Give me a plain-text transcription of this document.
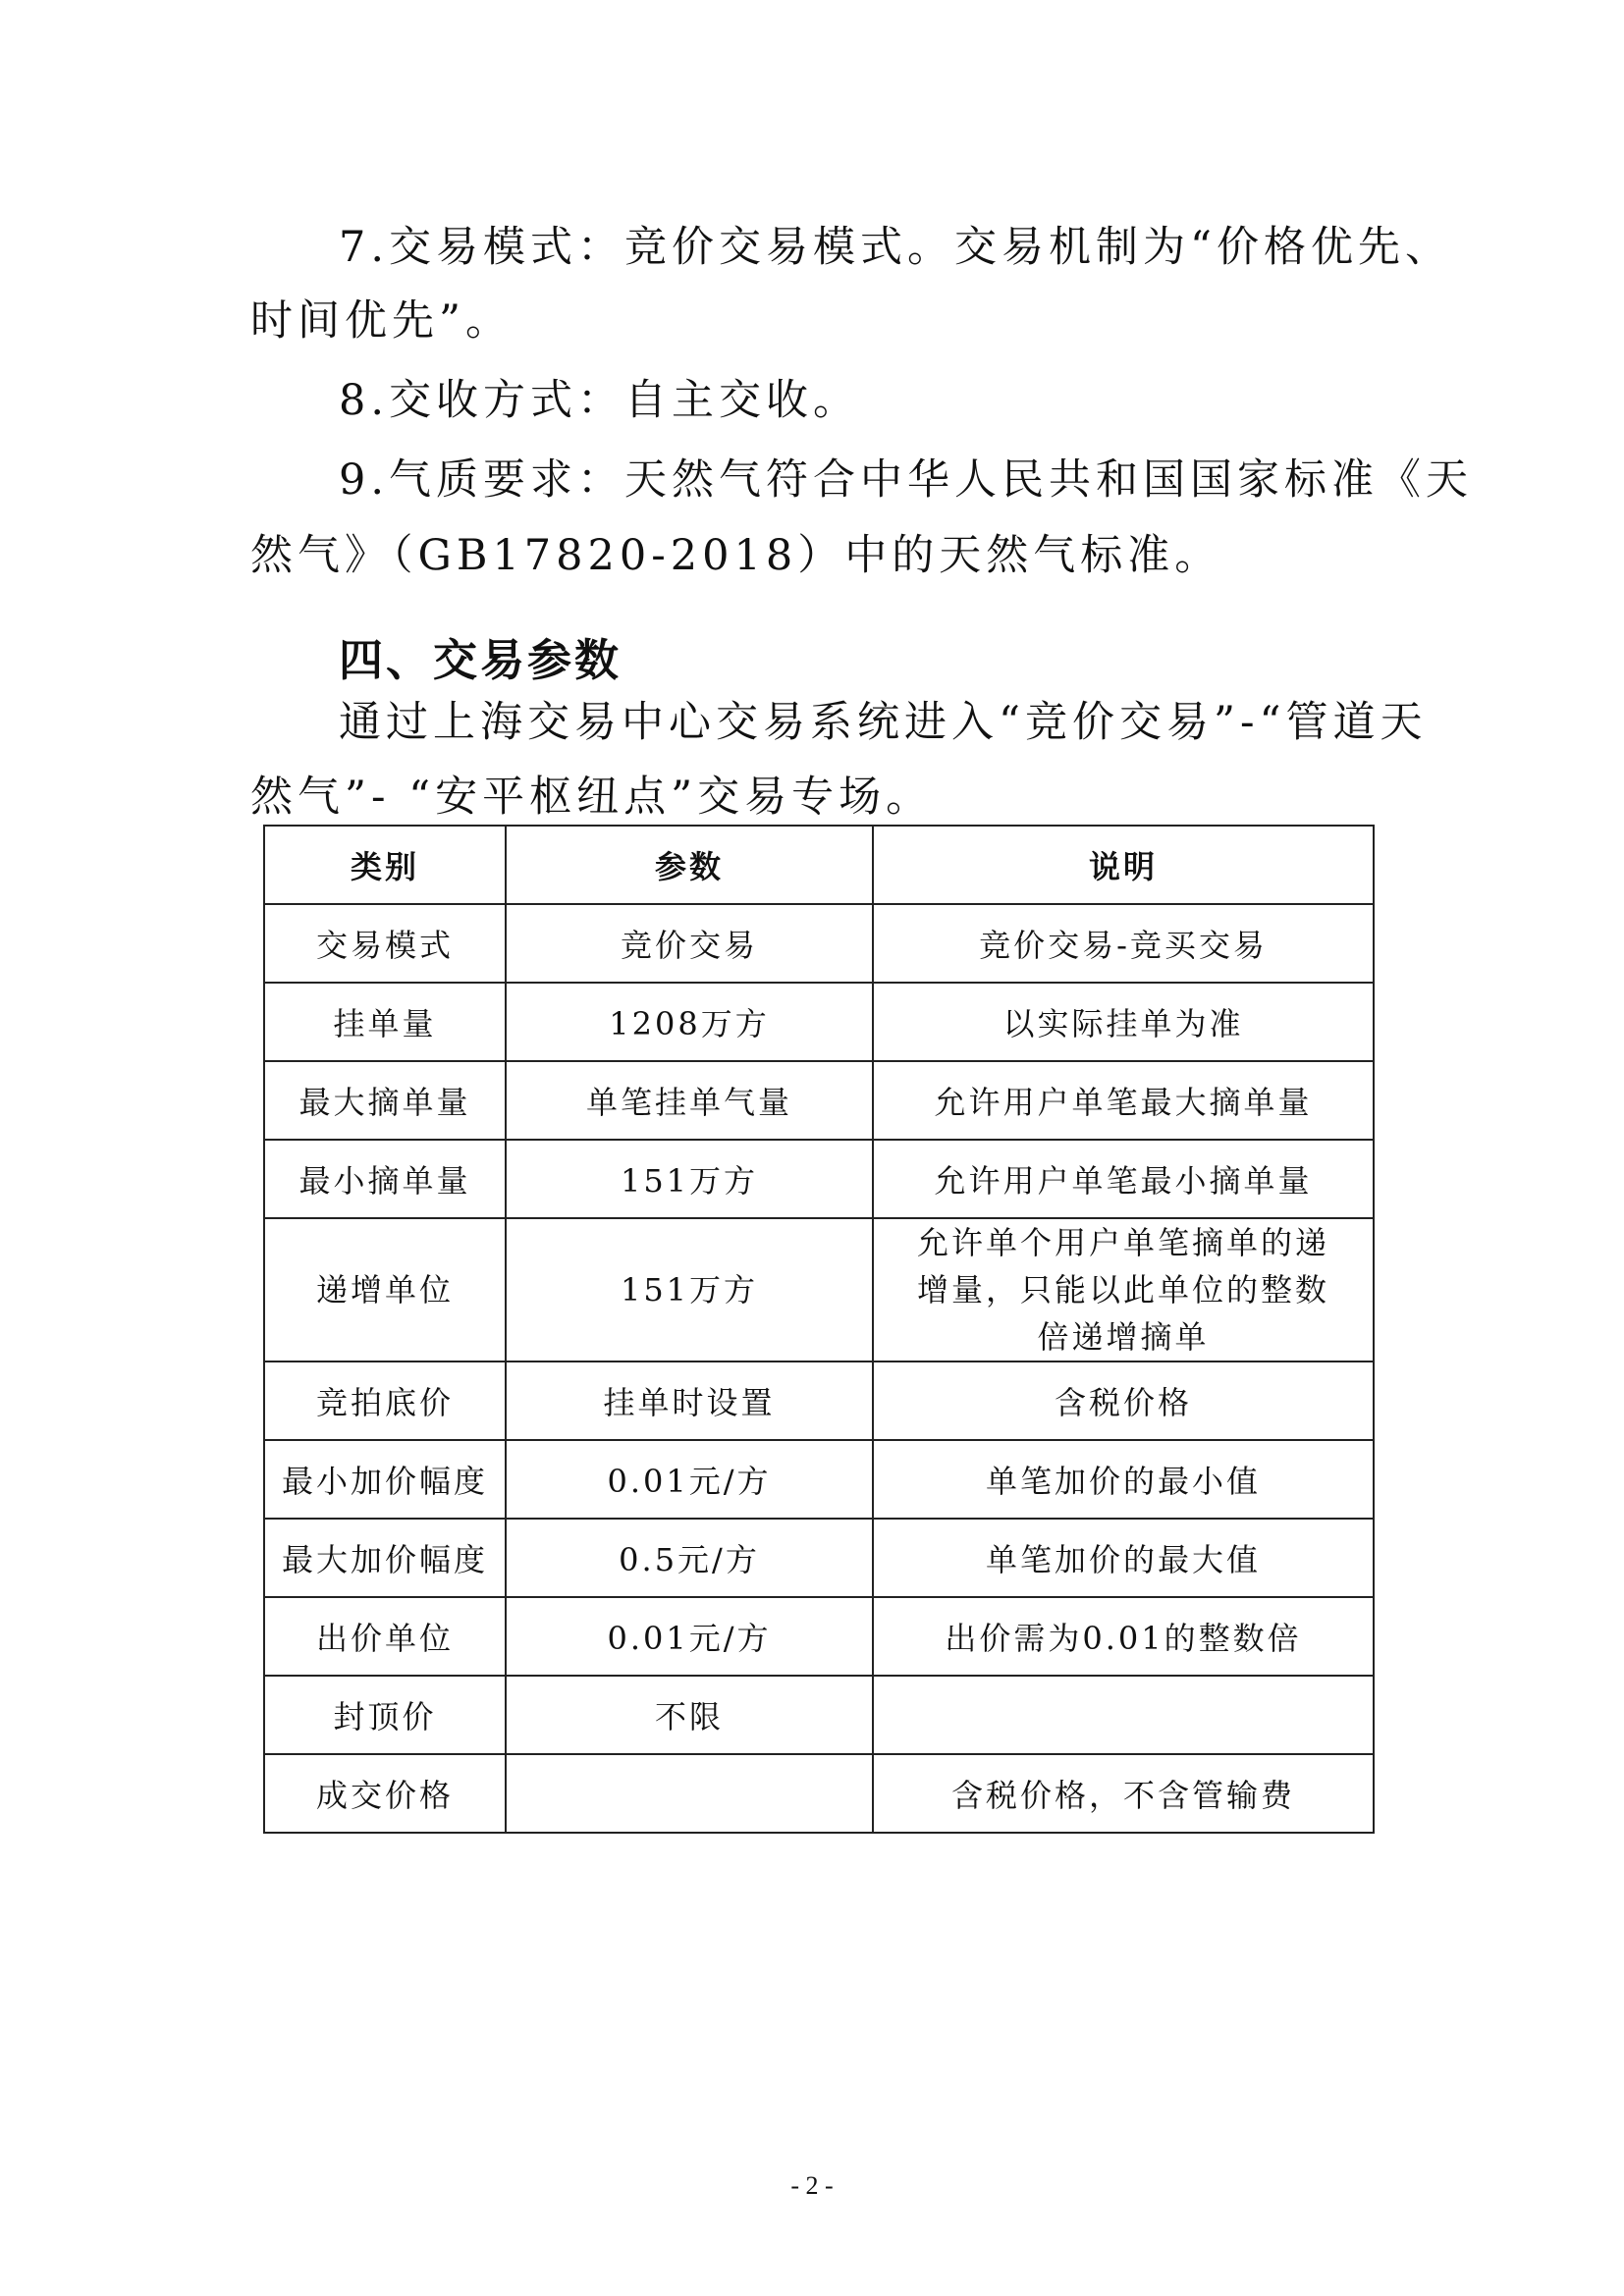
7.交易模式：竞价交易模式。交易机制为“价格优先、
时间优先”。
8.交收方式：自主交收。
9.气质要求：天然气符合中华人民共和国国家标准《天
然气》（GB17820-2018）中的天然气标准。
四、交易参数
通过上海交易中心交易系统进入“竞价交易”-“管道天
然气”- “安平枢纽点”交易专场。
类别	参数	说明
交易模式	竞价交易	竞价交易-竞买交易
挂单量	1208万方	以实际挂单为准
最大摘单量	单笔挂单气量	允许用户单笔最大摘单量
最小摘单量	151万方	允许用户单笔最小摘单量
递增单位	151万方	允许单个用户单笔摘单的递增量，只能以此单位的整数倍递增摘单
竞拍底价	挂单时设置	含税价格
最小加价幅度	0.01元/方	单笔加价的最小值
最大加价幅度	0.5元/方	单笔加价的最大值
出价单位	0.01元/方	出价需为0.01的整数倍
封顶价	不限	
成交价格		含税价格，不含管输费
- 2 -
